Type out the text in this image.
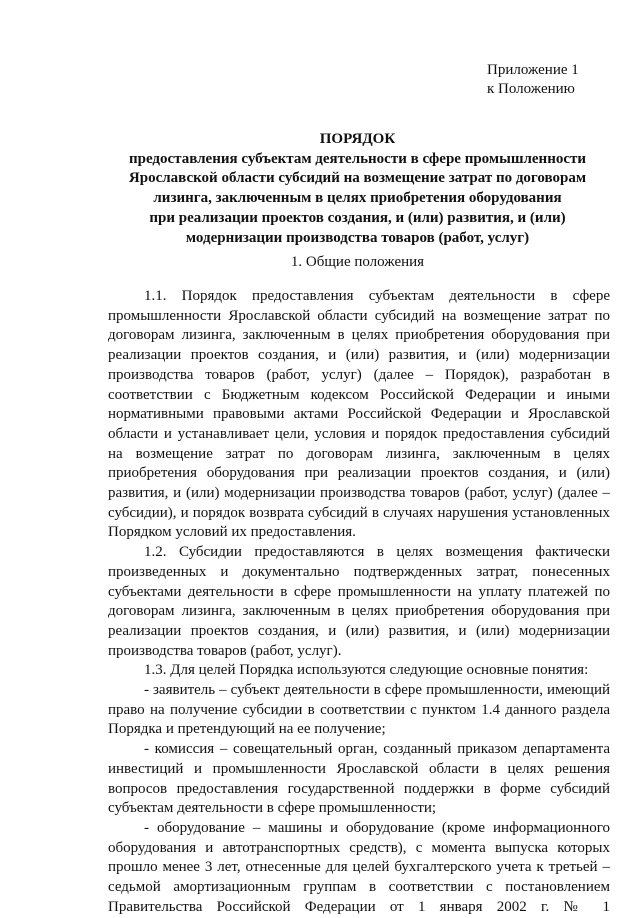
Приложение 1
к Положению
ПОРЯДОК
предоставления субъектам деятельности в сфере промышленности
Ярославской области субсидий на возмещение затрат по договорам
лизинга, заключенным в целях приобретения оборудования
при реализации проектов создания, и (или) развития, и (или)
модернизации производства товаров (работ, услуг)
1. Общие положения

1.1. Порядок предоставления субъектам деятельности в сфере промышленности Ярославской области субсидий на возмещение затрат по договорам лизинга, заключенным в целях приобретения оборудования при реализации проектов создания, и (или) развития, и (или) модернизации производства товаров (работ, услуг) (далее – Порядок), разработан в соответствии с Бюджетным кодексом Российской Федерации и иными нормативными правовыми актами Российской Федерации и Ярославской области и устанавливает цели, условия и порядок предоставления субсидий на возмещение затрат по договорам лизинга, заключенным в целях приобретения оборудования при реализации проектов создания, и (или) развития, и (или) модернизации производства товаров (работ, услуг) (далее – субсидии), и порядок возврата субсидий в случаях нарушения установленных Порядком условий их предоставления.

1.2. Субсидии предоставляются в целях возмещения фактически произведенных и документально подтвержденных затрат, понесенных субъектами деятельности в сфере промышленности на уплату платежей по договорам лизинга, заключенным в целях приобретения оборудования при реализации проектов создания, и (или) развития, и (или) модернизации производства товаров (работ, услуг).

1.3. Для целей Порядка используются следующие основные понятия:

- заявитель – субъект деятельности в сфере промышленности, имеющий право на получение субсидии в соответствии с пунктом 1.4 данного раздела Порядка и претендующий на ее получение;

- комиссия – совещательный орган, созданный приказом департамента инвестиций и промышленности Ярославской области в целях решения вопросов предоставления государственной поддержки в форме субсидий субъектам деятельности в сфере промышленности;

- оборудование – машины и оборудование (кроме информационного оборудования и автотранспортных средств), с момента выпуска которых прошло менее 3 лет, отнесенные для целей бухгалтерского учета к третьей – седьмой амортизационным группам в соответствии с постановлением Правительства Российской Федерации от 1 января 2002 г. № 1
